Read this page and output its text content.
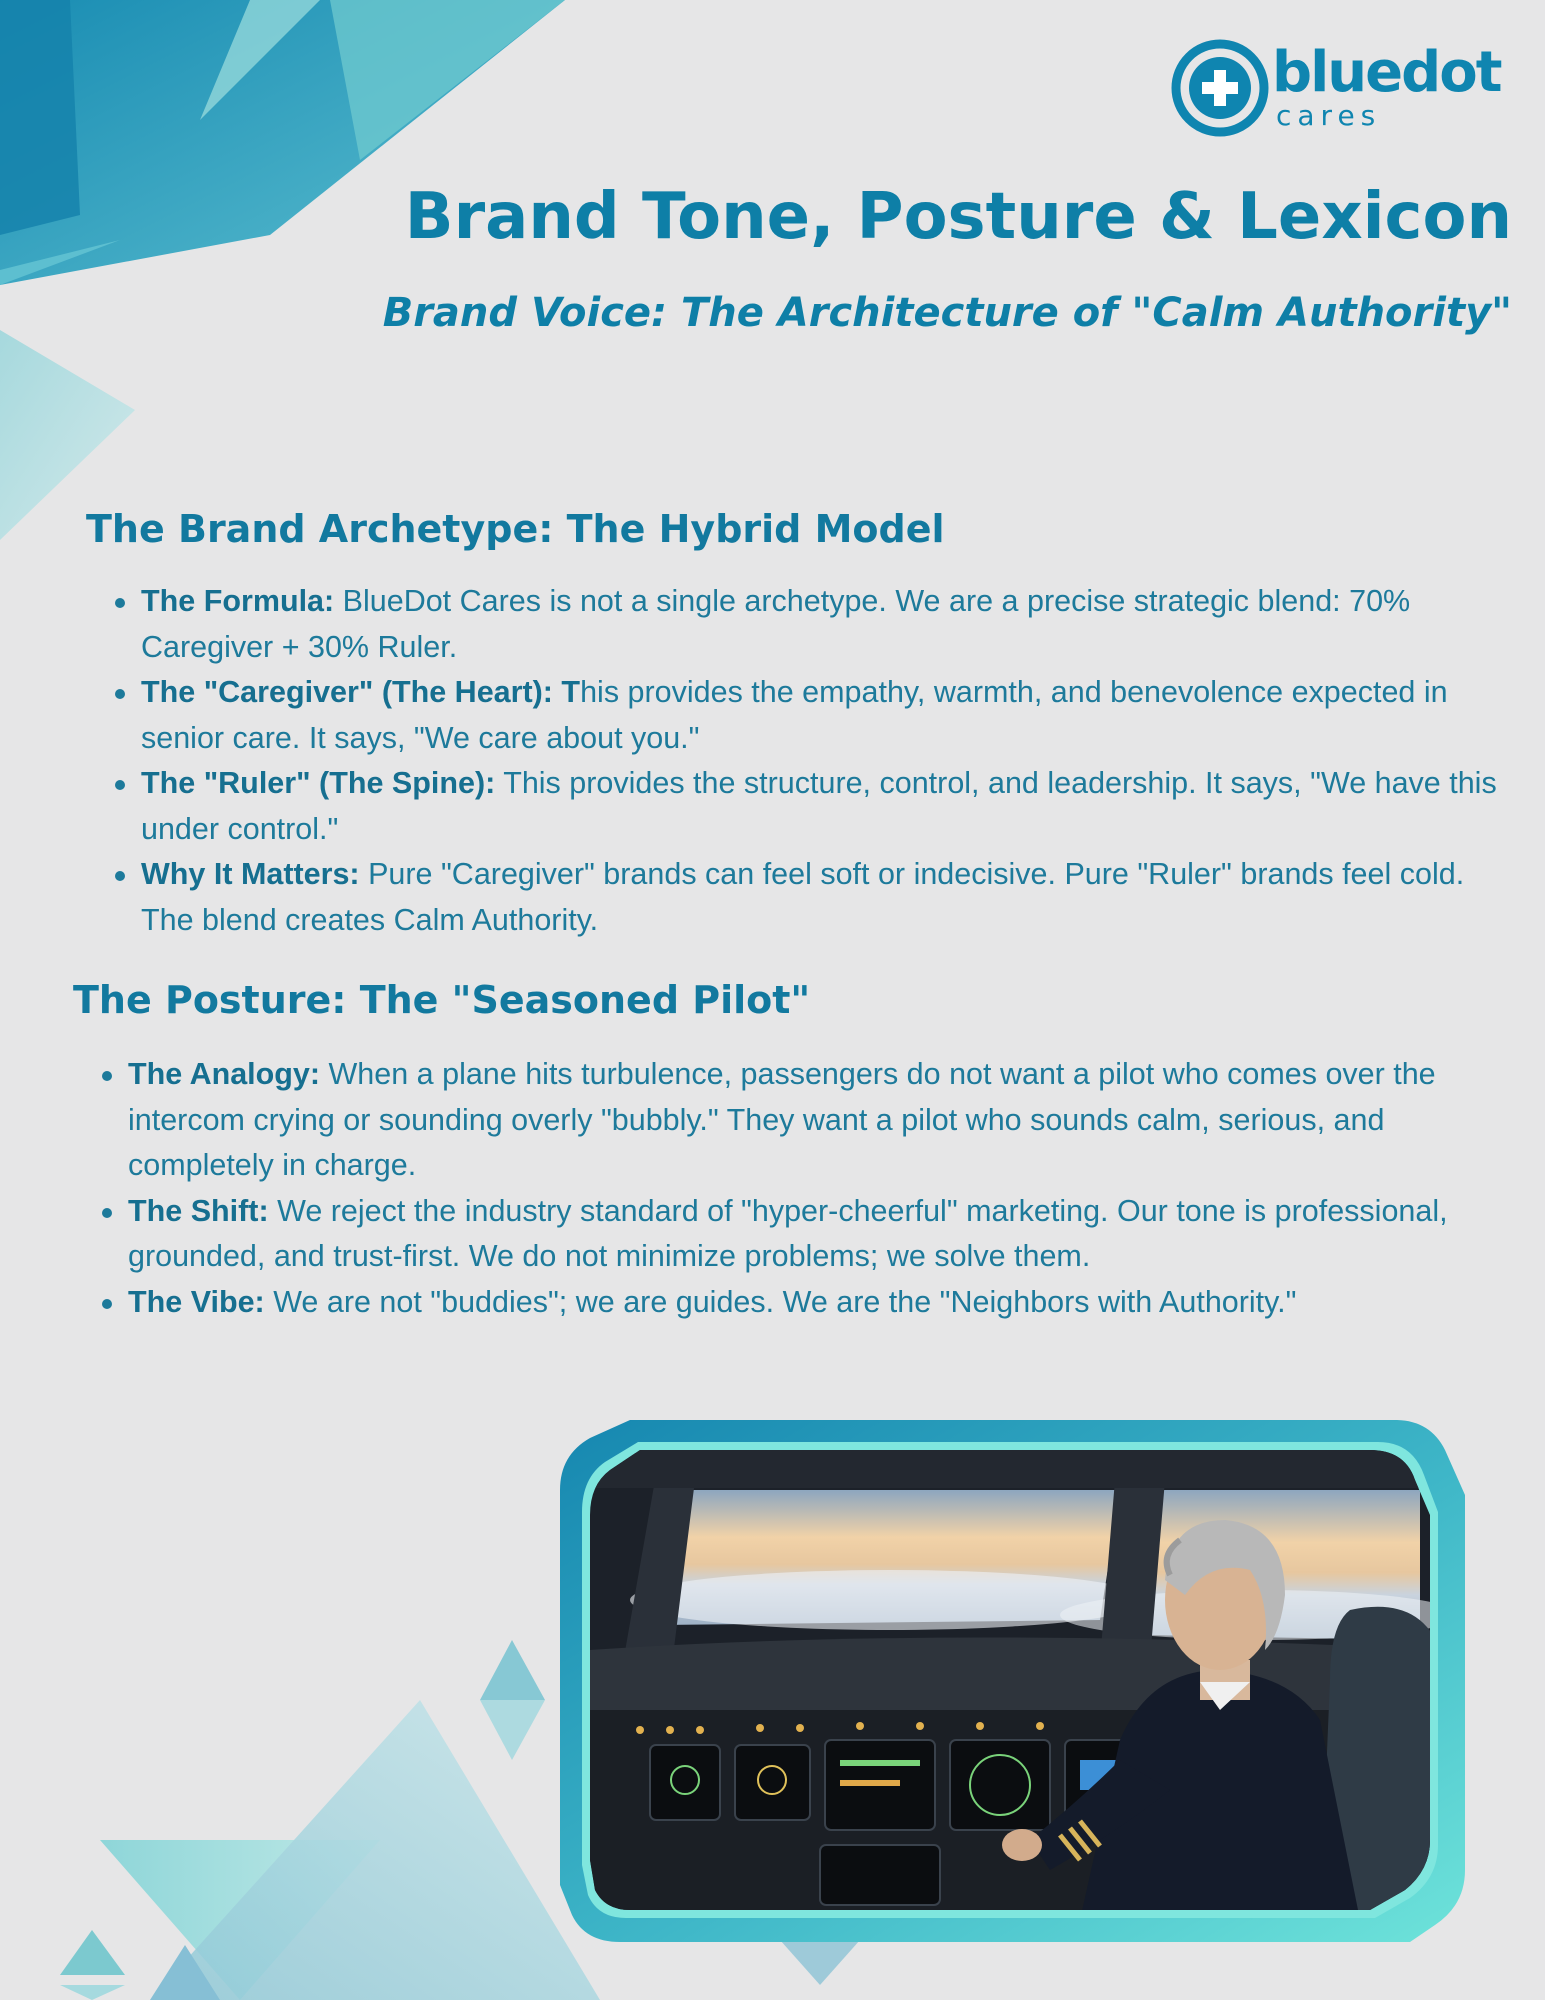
bluedot
cares
Brand Tone, Posture & Lexicon
Brand Voice: The Architecture of "Calm Authority"
The Brand Archetype: The Hybrid Model
The Formula: BlueDot Cares is not a single archetype. We are a precise strategic blend: 70% Caregiver + 30% Ruler.
The "Caregiver" (The Heart): This provides the empathy, warmth, and benevolence expected in senior care. It says, "We care about you."
The "Ruler" (The Spine): This provides the structure, control, and leadership. It says, "We have this under control."
Why It Matters: Pure "Caregiver" brands can feel soft or indecisive. Pure "Ruler" brands feel cold. The blend creates Calm Authority.
The Posture: The "Seasoned Pilot"
The Analogy: When a plane hits turbulence, passengers do not want a pilot who comes over the intercom crying or sounding overly "bubbly." They want a pilot who sounds calm, serious, and completely in charge.
The Shift: We reject the industry standard of "hyper-cheerful" marketing. Our tone is professional, grounded, and trust-first. We do not minimize problems; we solve them.
The Vibe: We are not "buddies"; we are guides. We are the "Neighbors with Authority."
